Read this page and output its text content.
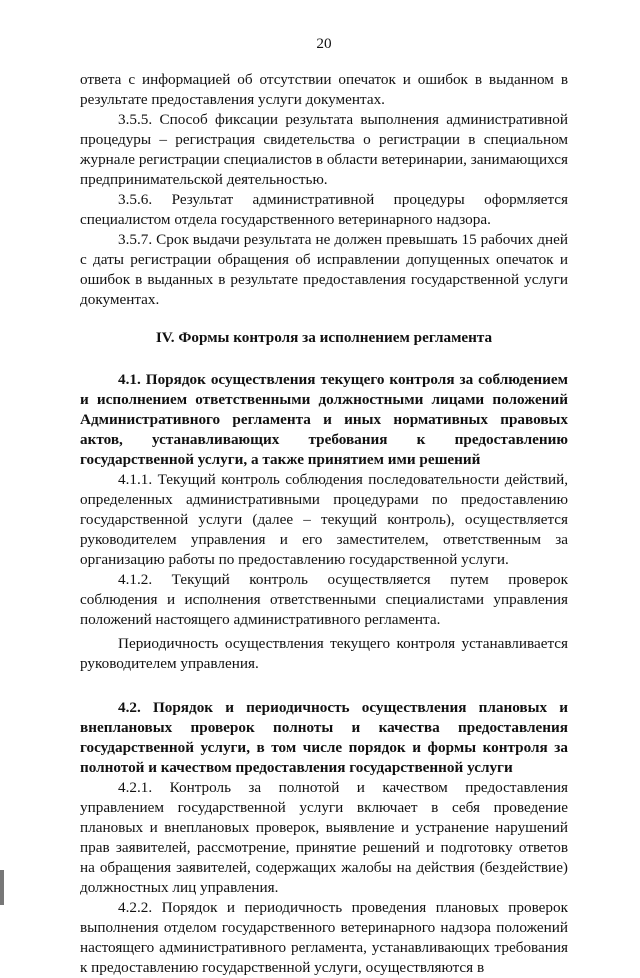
20

ответа с информацией об отсутствии опечаток и ошибок в выданном в результате предоставления услуги документах.

3.5.5. Способ фиксации результата выполнения административной процедуры – регистрация свидетельства о регистрации в специальном журнале регистрации специалистов в области ветеринарии, занимающихся предпринимательской деятельностью.

3.5.6. Результат административной процедуры оформляется специалистом отдела государственного ветеринарного надзора.

3.5.7. Срок выдачи результата не должен превышать 15 рабочих дней с даты регистрации обращения об исправлении допущенных опечаток и ошибок в выданных в результате предоставления государственной услуги документах.

IV. Формы контроля за исполнением регламента

4.1. Порядок осуществления текущего контроля за соблюдением и исполнением ответственными должностными лицами положений Административного регламента и иных нормативных правовых актов, устанавливающих требования к предоставлению государственной услуги, а также принятием ими решений

4.1.1. Текущий контроль соблюдения последовательности действий, определенных административными процедурами по предоставлению государственной услуги (далее – текущий контроль), осуществляется руководителем управления и его заместителем, ответственным за организацию работы по предоставлению государственной услуги.

4.1.2. Текущий контроль осуществляется путем проверок соблюдения и исполнения ответственными специалистами управления положений настоящего административного регламента.

Периодичность осуществления текущего контроля устанавливается руководителем управления.

4.2. Порядок и периодичность осуществления плановых и внеплановых проверок полноты и качества предоставления государственной услуги, в том числе порядок и формы контроля за полнотой и качеством предоставления государственной услуги

4.2.1. Контроль за полнотой и качеством предоставления управлением государственной услуги включает в себя проведение плановых и внеплановых проверок, выявление и устранение нарушений прав заявителей, рассмотрение, принятие решений и подготовку ответов на обращения заявителей, содержащих жалобы на действия (бездействие) должностных лиц управления.

4.2.2. Порядок и периодичность проведения плановых проверок выполнения отделом государственного ветеринарного надзора положений настоящего административного регламента, устанавливающих требования к предоставлению государственной услуги, осуществляются в
